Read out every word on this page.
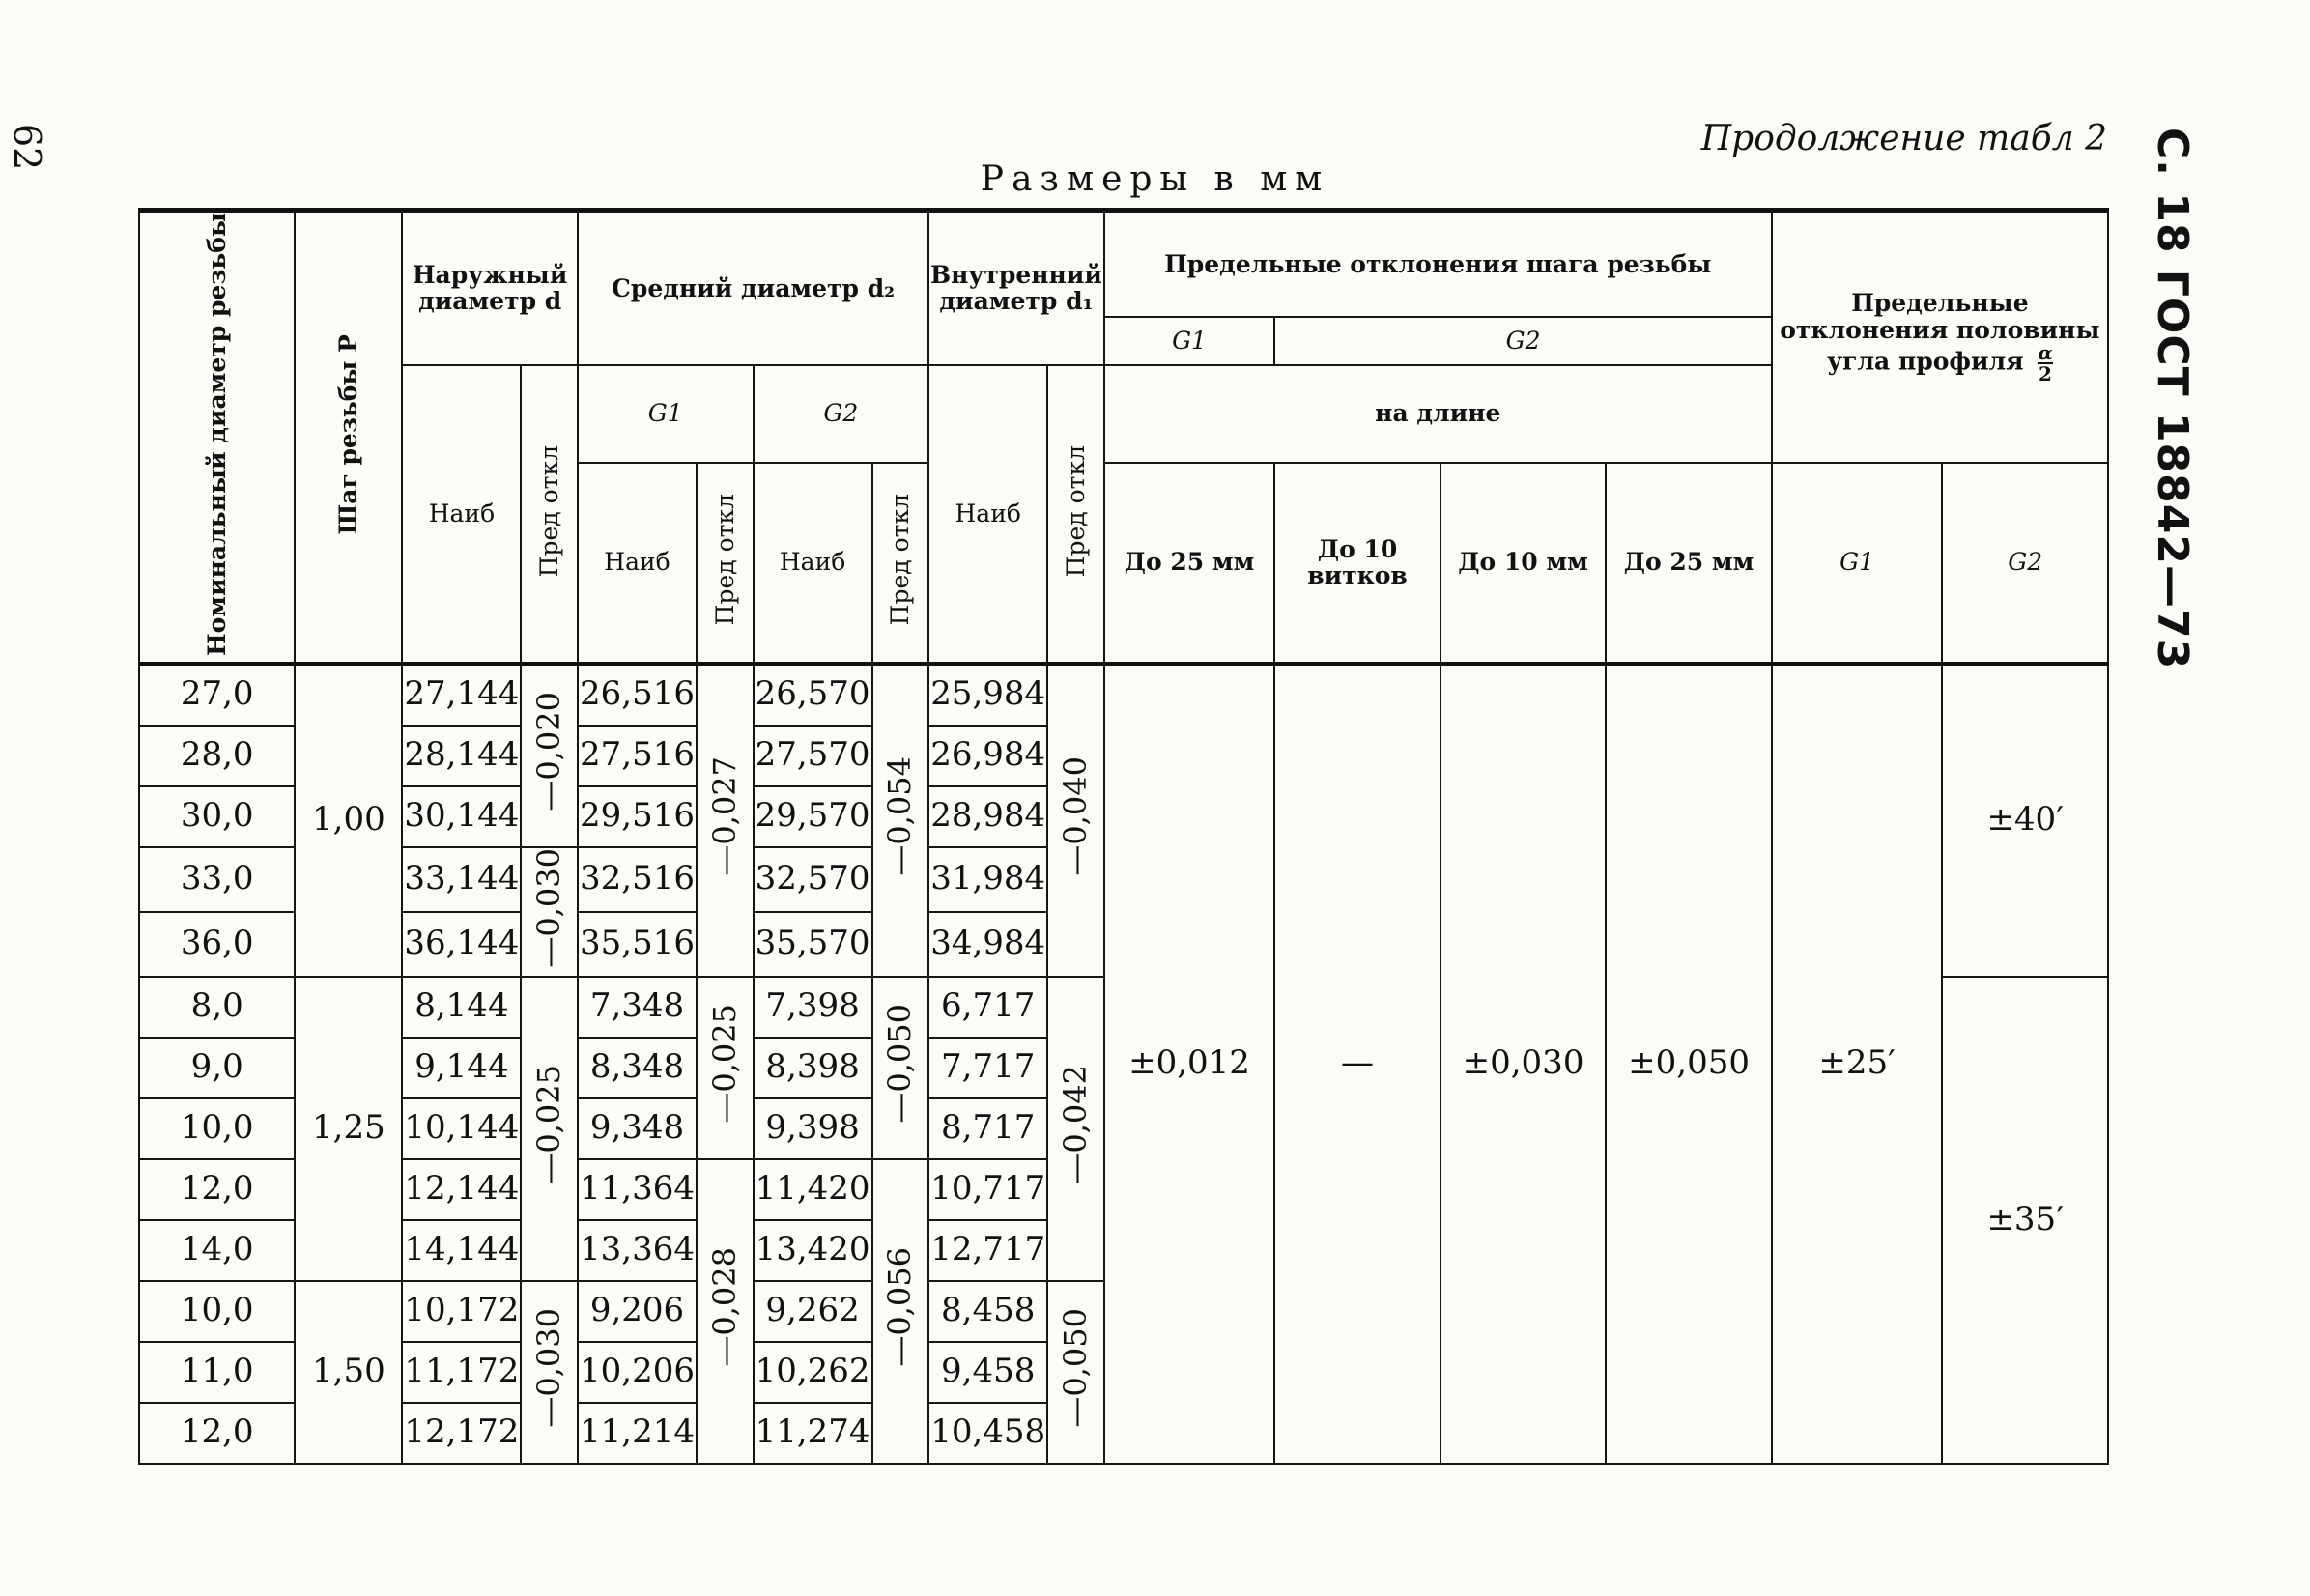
62	С. 18 ГОСТ 18842—73
Продолжение табл 2
Размеры в мм
Номинальный диаметр резьбы	Шаг резьбы P	Наружный диаметр d		Средний диаметр d₂				Внутренний диаметр d₁		Предельные отклонения шага резьбы				Предельные отклонения половины угла профиля $\frac{\alpha}{2}$

										G1	G2				
		Наиб	Пред откл	G1		G2		Наиб	Пред откл	на длине					
				Наиб	Пред откл	Наиб	Пред откл			До 25 мм	До 10 витков	До 10 мм	До 25 мм	G1	G2
27,0	1,00	27,144	—0,020	26,516	—0,027	26,570	—0,054	25,984	—0,040	±0,012	—	±0,030	±0,050	±25′	±40′
28,0		28,144		27,516		27,570		26,984							
30,0		30,144		29,516		29,570		28,984							
33,0		33,144	—0,030	32,516		32,570		31,984							
36,0		36,144		35,516		35,570		34,984							
8,0	1,25	8,144	—0,025	7,348	—0,025	7,398	—0,050	6,717	—0,042						±35′
9,0		9,144		8,348		8,398		7,717							
10,0		10,144		9,348		9,398		8,717							
12,0		12,144		11,364	—0,028	11,420	—0,056	10,717							
14,0		14,144		13,364		13,420		12,717							
10,0	1,50	10,172	—0,030	9,206		9,262		8,458	—0,050						
11,0		11,172		10,206		10,262		9,458							
12,0		12,172		11,214		11,274		10,458							
